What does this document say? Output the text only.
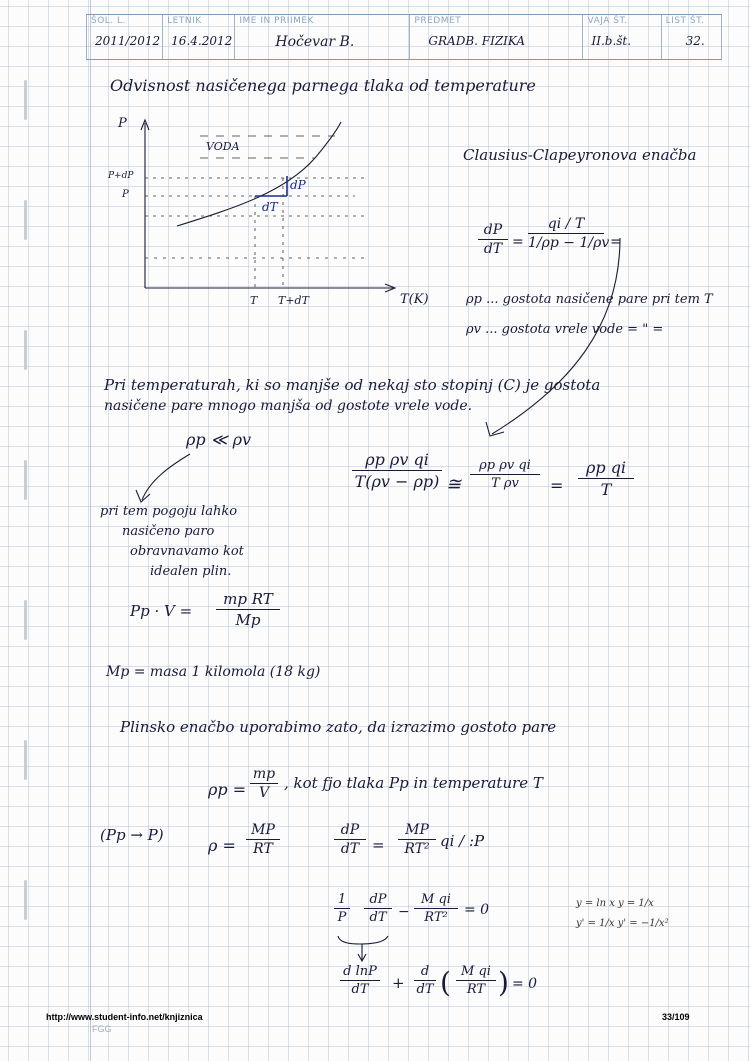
ŠOL. L.
2011/2012
LETNIK
16.4.2012
IME IN PRIIMEK
Hočevar B.
PREDMET
GRADB. FIZIKA
VAJA ŠT.
II.b.št.
LIST ŠT.
32.
Odvisnost nasičenega parnega tlaka od temperature
P
VODA
P+dP
P
dP
dT
T T+dT	T(K)
Clausius-Clapeyronova enačba
dP
dT =
qi / T
1/ρp − 1/ρv =
ρp ... gostota nasičene pare pri tem T
ρv ... gostota vrele vode = " =
Pri temperaturah, ki so manjše od nekaj sto stopinj (C) je gostota
nasičene pare mnogo manjša od gostote vrele vode.
ρp ≪ ρv
ρp ρv qi
T(ρv − ρp) ≅
ρp ρv qi
T ρv	=
ρp qi
T
pri tem pogoju lahko
nasičeno paro
obravnavamo kot
idealen plin.
Pp · V =
mp RT
Mp
Mp = masa 1 kilomola (18 kg)
Plinsko enačbo uporabimo zato, da izrazimo gostoto pare
ρp =
mp
V
, kot fjo tlaka Pp in temperature T
(Pp → P)
ρ =
MP
RT
dP
dT =
MP
RT² qi / :P
1
P
dP
dT −
M qi
RT²	= 0	y = ln x y = 1/x
y' = 1/x y' = −1/x²
d lnP
dT	+
d
dT ( M qi
RT ) = 0
http://www.student-info.net/knjiznica	33/109
FGG
